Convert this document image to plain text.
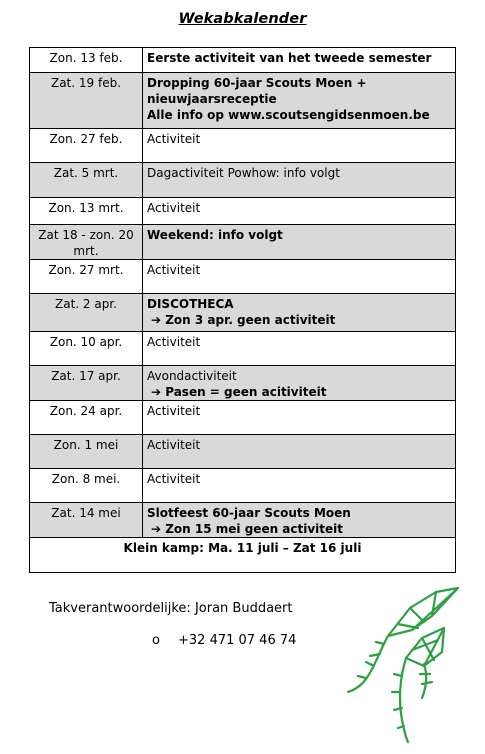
Wekabkalender
Zon. 13 feb.	Eerste activiteit van het tweede semester

Zat. 19 feb.	Dropping 60-jaar Scouts Moen +
nieuwjaarsreceptie
Alle info op www.scoutsengidsenmoen.be

Zon. 27 feb.	Activiteit

Zat. 5 mrt.	Dagactiviteit Powhow: info volgt

Zon. 13 mrt.	Activiteit

Zat 18 - zon. 20 mrt.	Weekend: info volgt

Zon. 27 mrt.	Activiteit

Zat. 2 apr.	DISCOTHECA
➔ Zon 3 apr. geen activiteit

Zon. 10 apr.	Activiteit

Zat. 17 apr.	Avondactiviteit
➔ Pasen = geen acitiviteit

Zon. 24 apr.	Activiteit

Zon. 1 mei	Activiteit

Zon. 8 mei.	Activiteit

Zat. 14 mei	Slotfeest 60-jaar Scouts Moen
➔ Zon 15 mei geen activiteit

Klein kamp: Ma. 11 juli – Zat 16 juli	
Takverantwoordelijke: Joran Buddaert
o +32 471 07 46 74
